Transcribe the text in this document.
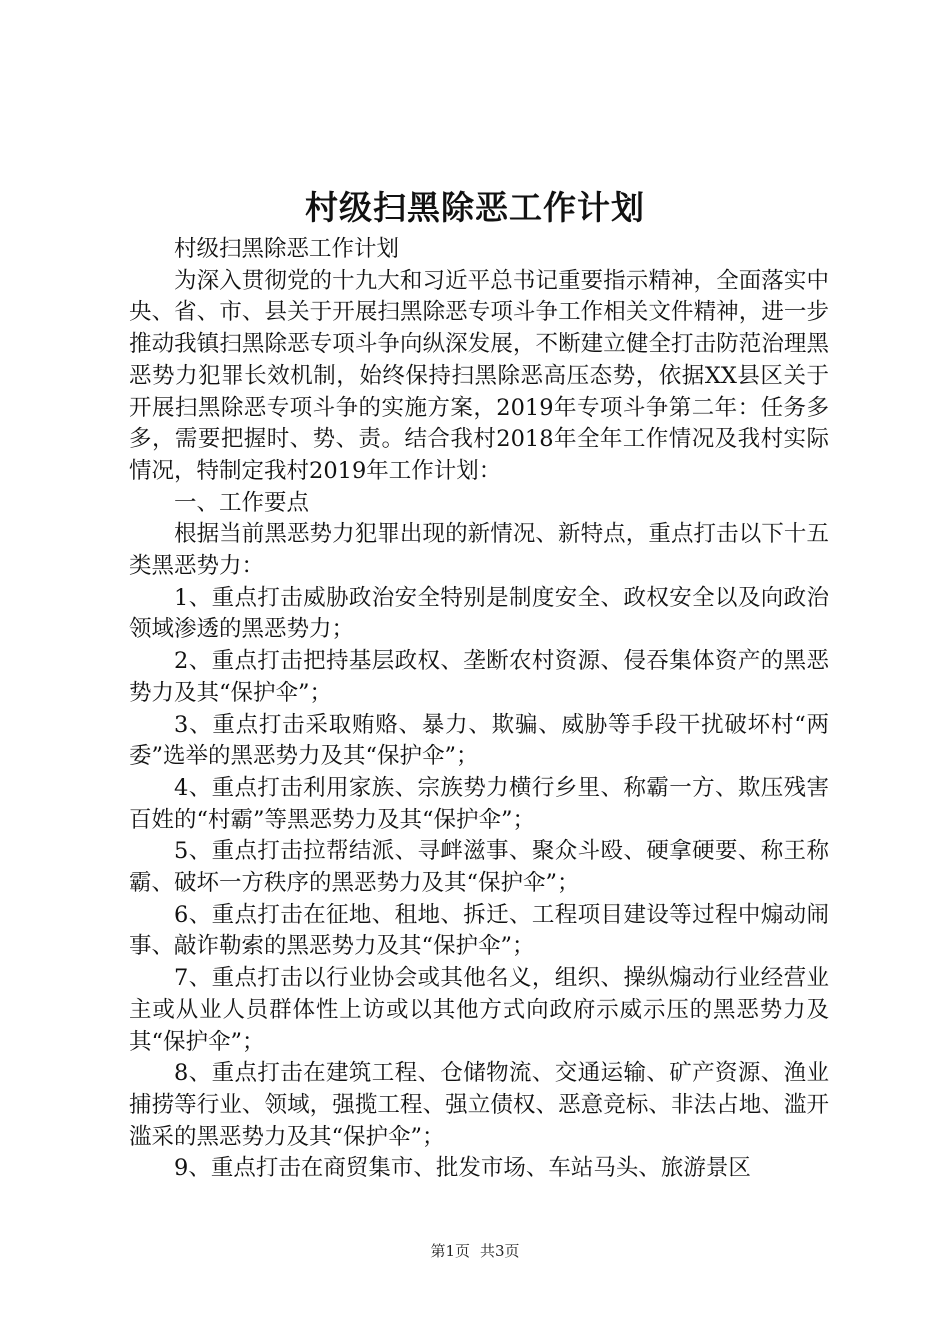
村级扫黑除恶工作计划

村级扫黑除恶工作计划

为深入贯彻党的十九大和习近平总书记重要指示精神，全面落实中央、省、市、县关于开展扫黑除恶专项斗争工作相关文件精神，进一步推动我镇扫黑除恶专项斗争向纵深发展，不断建立健全打击防范治理黑恶势力犯罪长效机制，始终保持扫黑除恶高压态势，依据XX县区关于开展扫黑除恶专项斗争的实施方案，2019年专项斗争第二年：任务多多，需要把握时、势、责。结合我村2018年全年工作情况及我村实际情况，特制定我村2019年工作计划：

一、工作要点

根据当前黑恶势力犯罪出现的新情况、新特点，重点打击以下十五类黑恶势力：

1、重点打击威胁政治安全特别是制度安全、政权安全以及向政治领域渗透的黑恶势力；

2、重点打击把持基层政权、垄断农村资源、侵吞集体资产的黑恶势力及其“保护伞”；

3、重点打击采取贿赂、暴力、欺骗、威胁等手段干扰破坏村“两委”选举的黑恶势力及其“保护伞”；

4、重点打击利用家族、宗族势力横行乡里、称霸一方、欺压残害百姓的“村霸”等黑恶势力及其“保护伞”；

5、重点打击拉帮结派、寻衅滋事、聚众斗殴、硬拿硬要、称王称霸、破坏一方秩序的黑恶势力及其“保护伞”；

6、重点打击在征地、租地、拆迁、工程项目建设等过程中煽动闹事、敲诈勒索的黑恶势力及其“保护伞”；

7、重点打击以行业协会或其他名义，组织、操纵煽动行业经营业主或从业人员群体性上访或以其他方式向政府示威示压的黑恶势力及其“保护伞”；

8、重点打击在建筑工程、仓储物流、交通运输、矿产资源、渔业捕捞等行业、领域，强揽工程、强立债权、恶意竞标、非法占地、滥开滥采的黑恶势力及其“保护伞”；

9、重点打击在商贸集市、批发市场、车站马头、旅游景区

第1页 共3页
